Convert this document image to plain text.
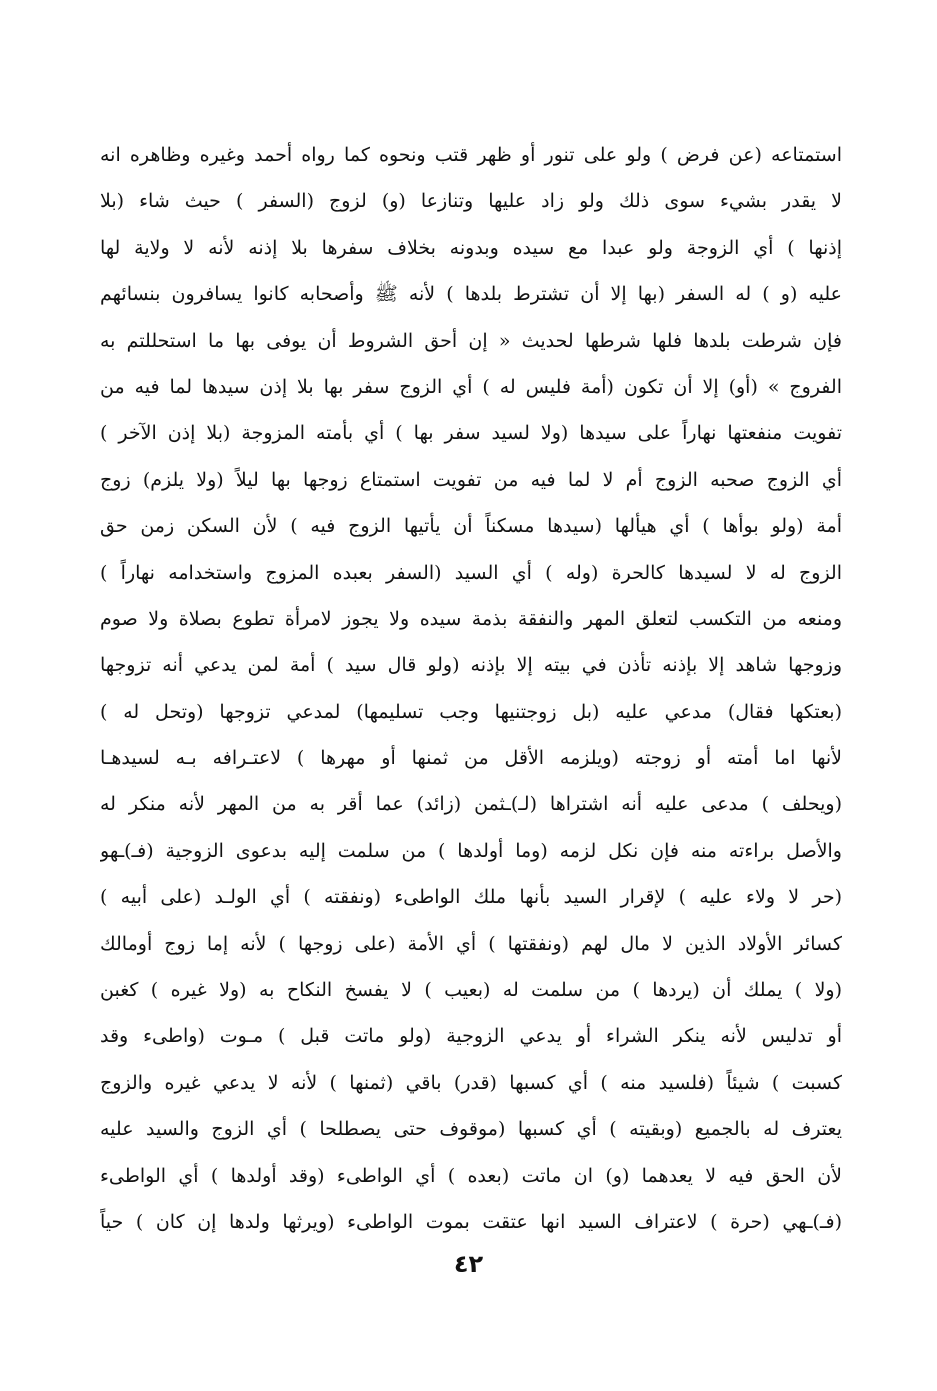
استمتاعه (عن فرض ) ولو على تنور أو ظهر قتب ونحوه كما رواه أحمد وغيره وظاهره انه
لا يقدر بشيء سوى ذلك ولو زاد عليها وتنازعا (و) لزوج (السفر ) حيث شاء (بلا
إذنها ) أي الزوجة ولو عبدا مع سيده وبدونه بخلاف سفرها بلا إذنه لأنه لا ولاية لها
عليه (و ) له السفر (بها إلا أن تشترط بلدها ) لأنه ﷺ وأصحابه كانوا يسافرون بنسائهم
فإن شرطت بلدها فلها شرطها لحديث « إن أحق الشروط أن يوفى بها ما استحللتم به
الفروج » (أو) إلا أن تكون (أمة فليس له ) أي الزوج سفر بها بلا إذن سيدها لما فيه من
تفويت منفعتها نهاراً على سيدها (ولا لسيد سفر بها ) أي بأمته المزوجة (بلا إذن الآخر )
أي الزوج صحبه الزوج أم لا لما فيه من تفويت استمتاع زوجها بها ليلاً (ولا يلزم) زوج
أمة (ولو بوأها ) أي هيألها (سيدها مسكناً أن يأتيها الزوج فيه ) لأن السكن زمن حق
الزوج له لا لسيدها كالحرة (وله ) أي السيد (السفر بعبده المزوج واستخدامه نهاراً )
ومنعه من التكسب لتعلق المهر والنفقة بذمة سيده ولا يجوز لامرأة تطوع بصلاة ولا صوم
وزوجها شاهد إلا بإذنه تأذن في بيته إلا بإذنه (ولو قال سيد ) أمة لمن يدعي أنه تزوجها
(بعتكها فقال) مدعي عليه (بل زوجتنيها وجب تسليمها) لمدعي تزوجها (وتحل له )
لأنها اما أمته أو زوجته (ويلزمه الأقل من ثمنها أو مهرها ) لاعتـرافه بـه لسيدهـا
(ويحلف ) مدعى عليه أنه اشتراها (لـ)ـثمن (زائد) عما أقر به من المهر لأنه منكر له
والأصل براءته منه فإن نكل لزمه (وما أولدها ) من سلمت إليه بدعوى الزوجية (فـ)ـهو
(حر لا ولاء عليه ) لإقرار السيد بأنها ملك الواطىء (ونفقته ) أي الولـد (على أبيه )
كسائر الأولاد الذين لا مال لهم (ونفقتها ) أي الأمة (على زوجها ) لأنه إما زوج أومالك
(ولا ) يملك أن (يردها ) من سلمت له (بعيب ) لا يفسخ النكاح به (ولا غيره ) كغبن
أو تدليس لأنه ينكر الشراء أو يدعي الزوجية (ولو ماتت قبل ) مـوت (واطىء وقد
كسبت ) شيئاً (فلسيد منه ) أي كسبها (قدر) باقي (ثمنها ) لأنه لا يدعي غيره والزوج
يعترف له بالجميع (وبقيته ) أي كسبها (موقوف حتى يصطلحا ) أي الزوج والسيد عليه
لأن الحق فيه لا يعدهما (و) ان ماتت (بعده ) أي الواطىء (وقد أولدها ) أي الواطىء
(فـ)ـهي (حرة ) لاعتراف السيد انها عتقت بموت الواطىء (ويرثها ولدها إن كان ) حياً
٤٢
